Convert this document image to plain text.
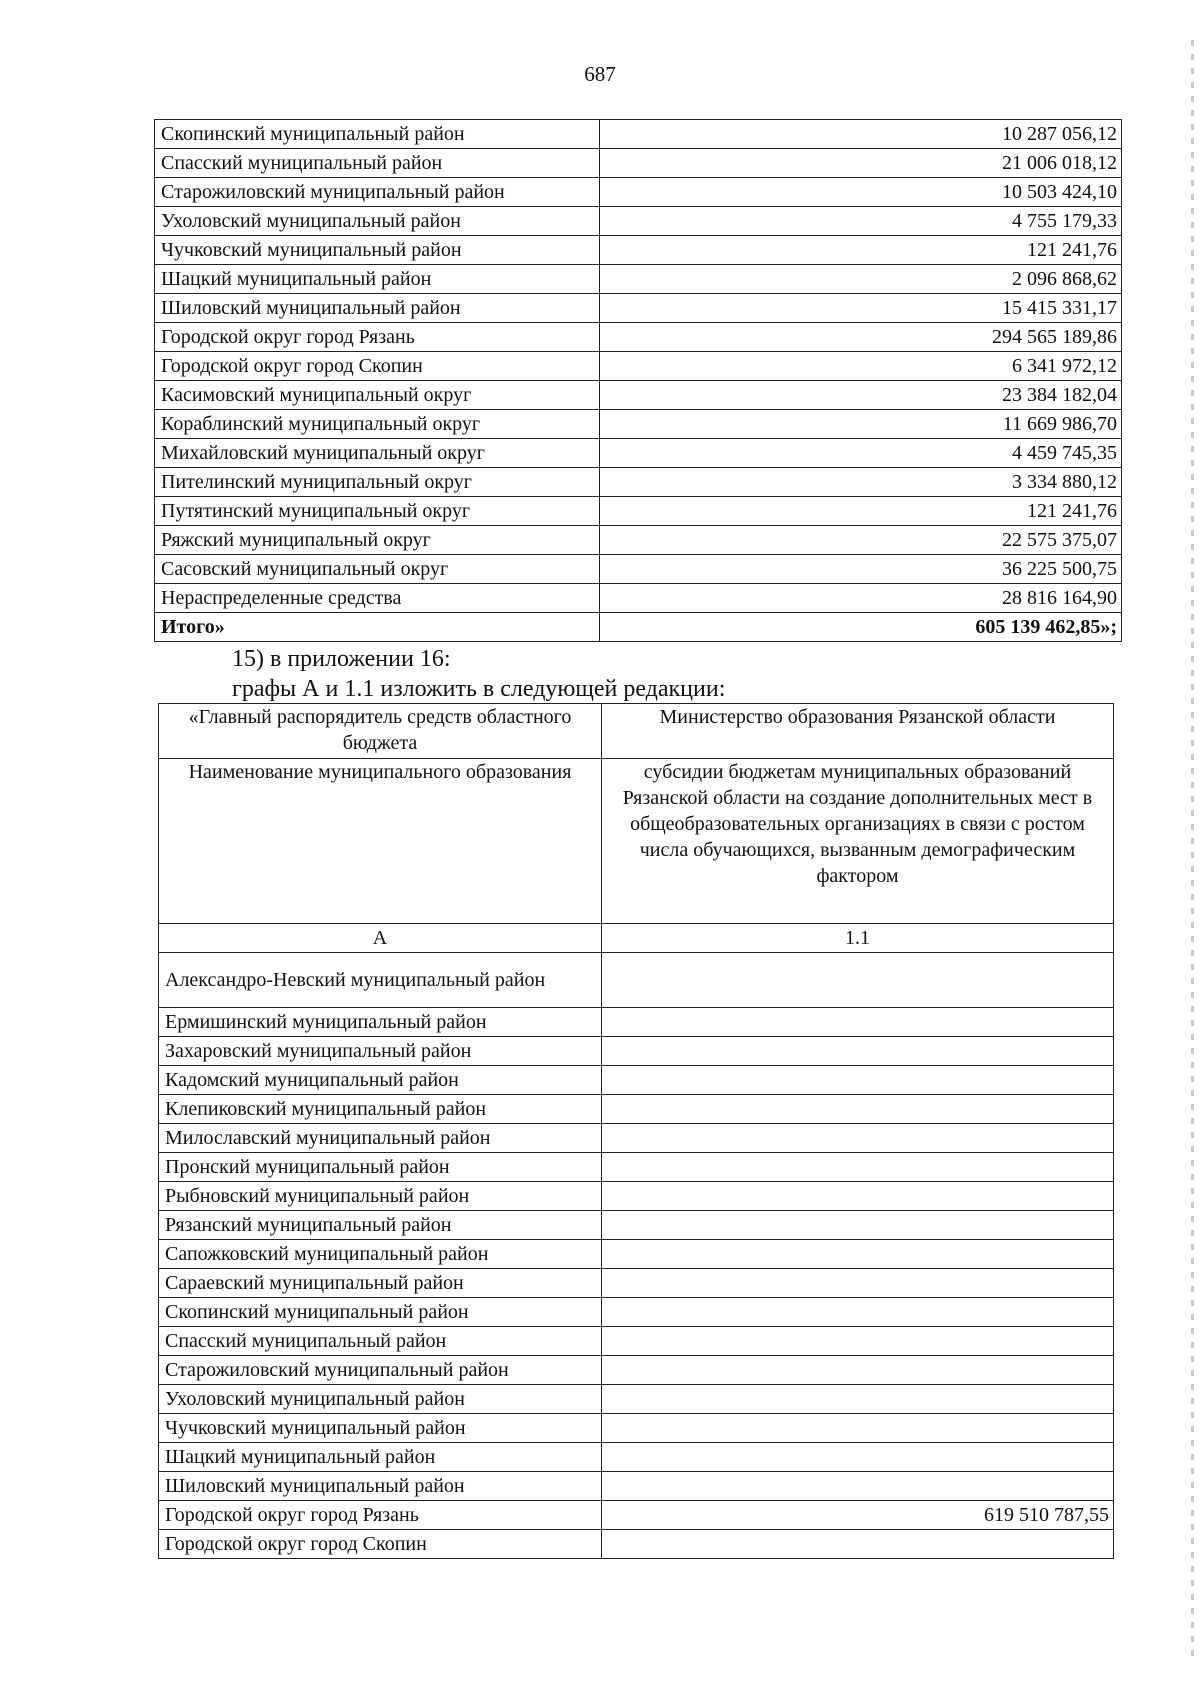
687
Скопинский муниципальный район	10 287 056,12
Спасский муниципальный район	21 006 018,12
Старожиловский муниципальный район	10 503 424,10
Ухоловский муниципальный район	4 755 179,33
Чучковский муниципальный район	121 241,76
Шацкий муниципальный район	2 096 868,62
Шиловский муниципальный район	15 415 331,17
Городской округ город Рязань	294 565 189,86
Городской округ город Скопин	6 341 972,12
Касимовский муниципальный округ	23 384 182,04
Кораблинский муниципальный округ	11 669 986,70
Михайловский муниципальный округ	4 459 745,35
Пителинский муниципальный округ	3 334 880,12
Путятинский муниципальный округ	121 241,76
Ряжский муниципальный округ	22 575 375,07
Сасовский муниципальный округ	36 225 500,75
Нераспределенные средства	28 816 164,90
Итого»	605 139 462,85»;
15) в приложении 16:
графы А и 1.1 изложить в следующей редакции:
«Главный распорядитель средств областного бюджета	Министерство образования Рязанской области
Наименование муниципального образования	субсидии бюджетам муниципальных образований Рязанской области на создание дополнительных мест в общеобразовательных организациях в связи с ростом числа обучающихся, вызванным демографическим фактором
А	1.1
Александро-Невский муниципальный район	
Ермишинский муниципальный район	
Захаровский муниципальный район	
Кадомский муниципальный район	
Клепиковский муниципальный район	
Милославский муниципальный район	
Пронский муниципальный район	
Рыбновский муниципальный район	
Рязанский муниципальный район	
Сапожковский муниципальный район	
Сараевский муниципальный район	
Скопинский муниципальный район	
Спасский муниципальный район	
Старожиловский муниципальный район	
Ухоловский муниципальный район	
Чучковский муниципальный район	
Шацкий муниципальный район	
Шиловский муниципальный район	
Городской округ город Рязань	619 510 787,55
Городской округ город Скопин	
